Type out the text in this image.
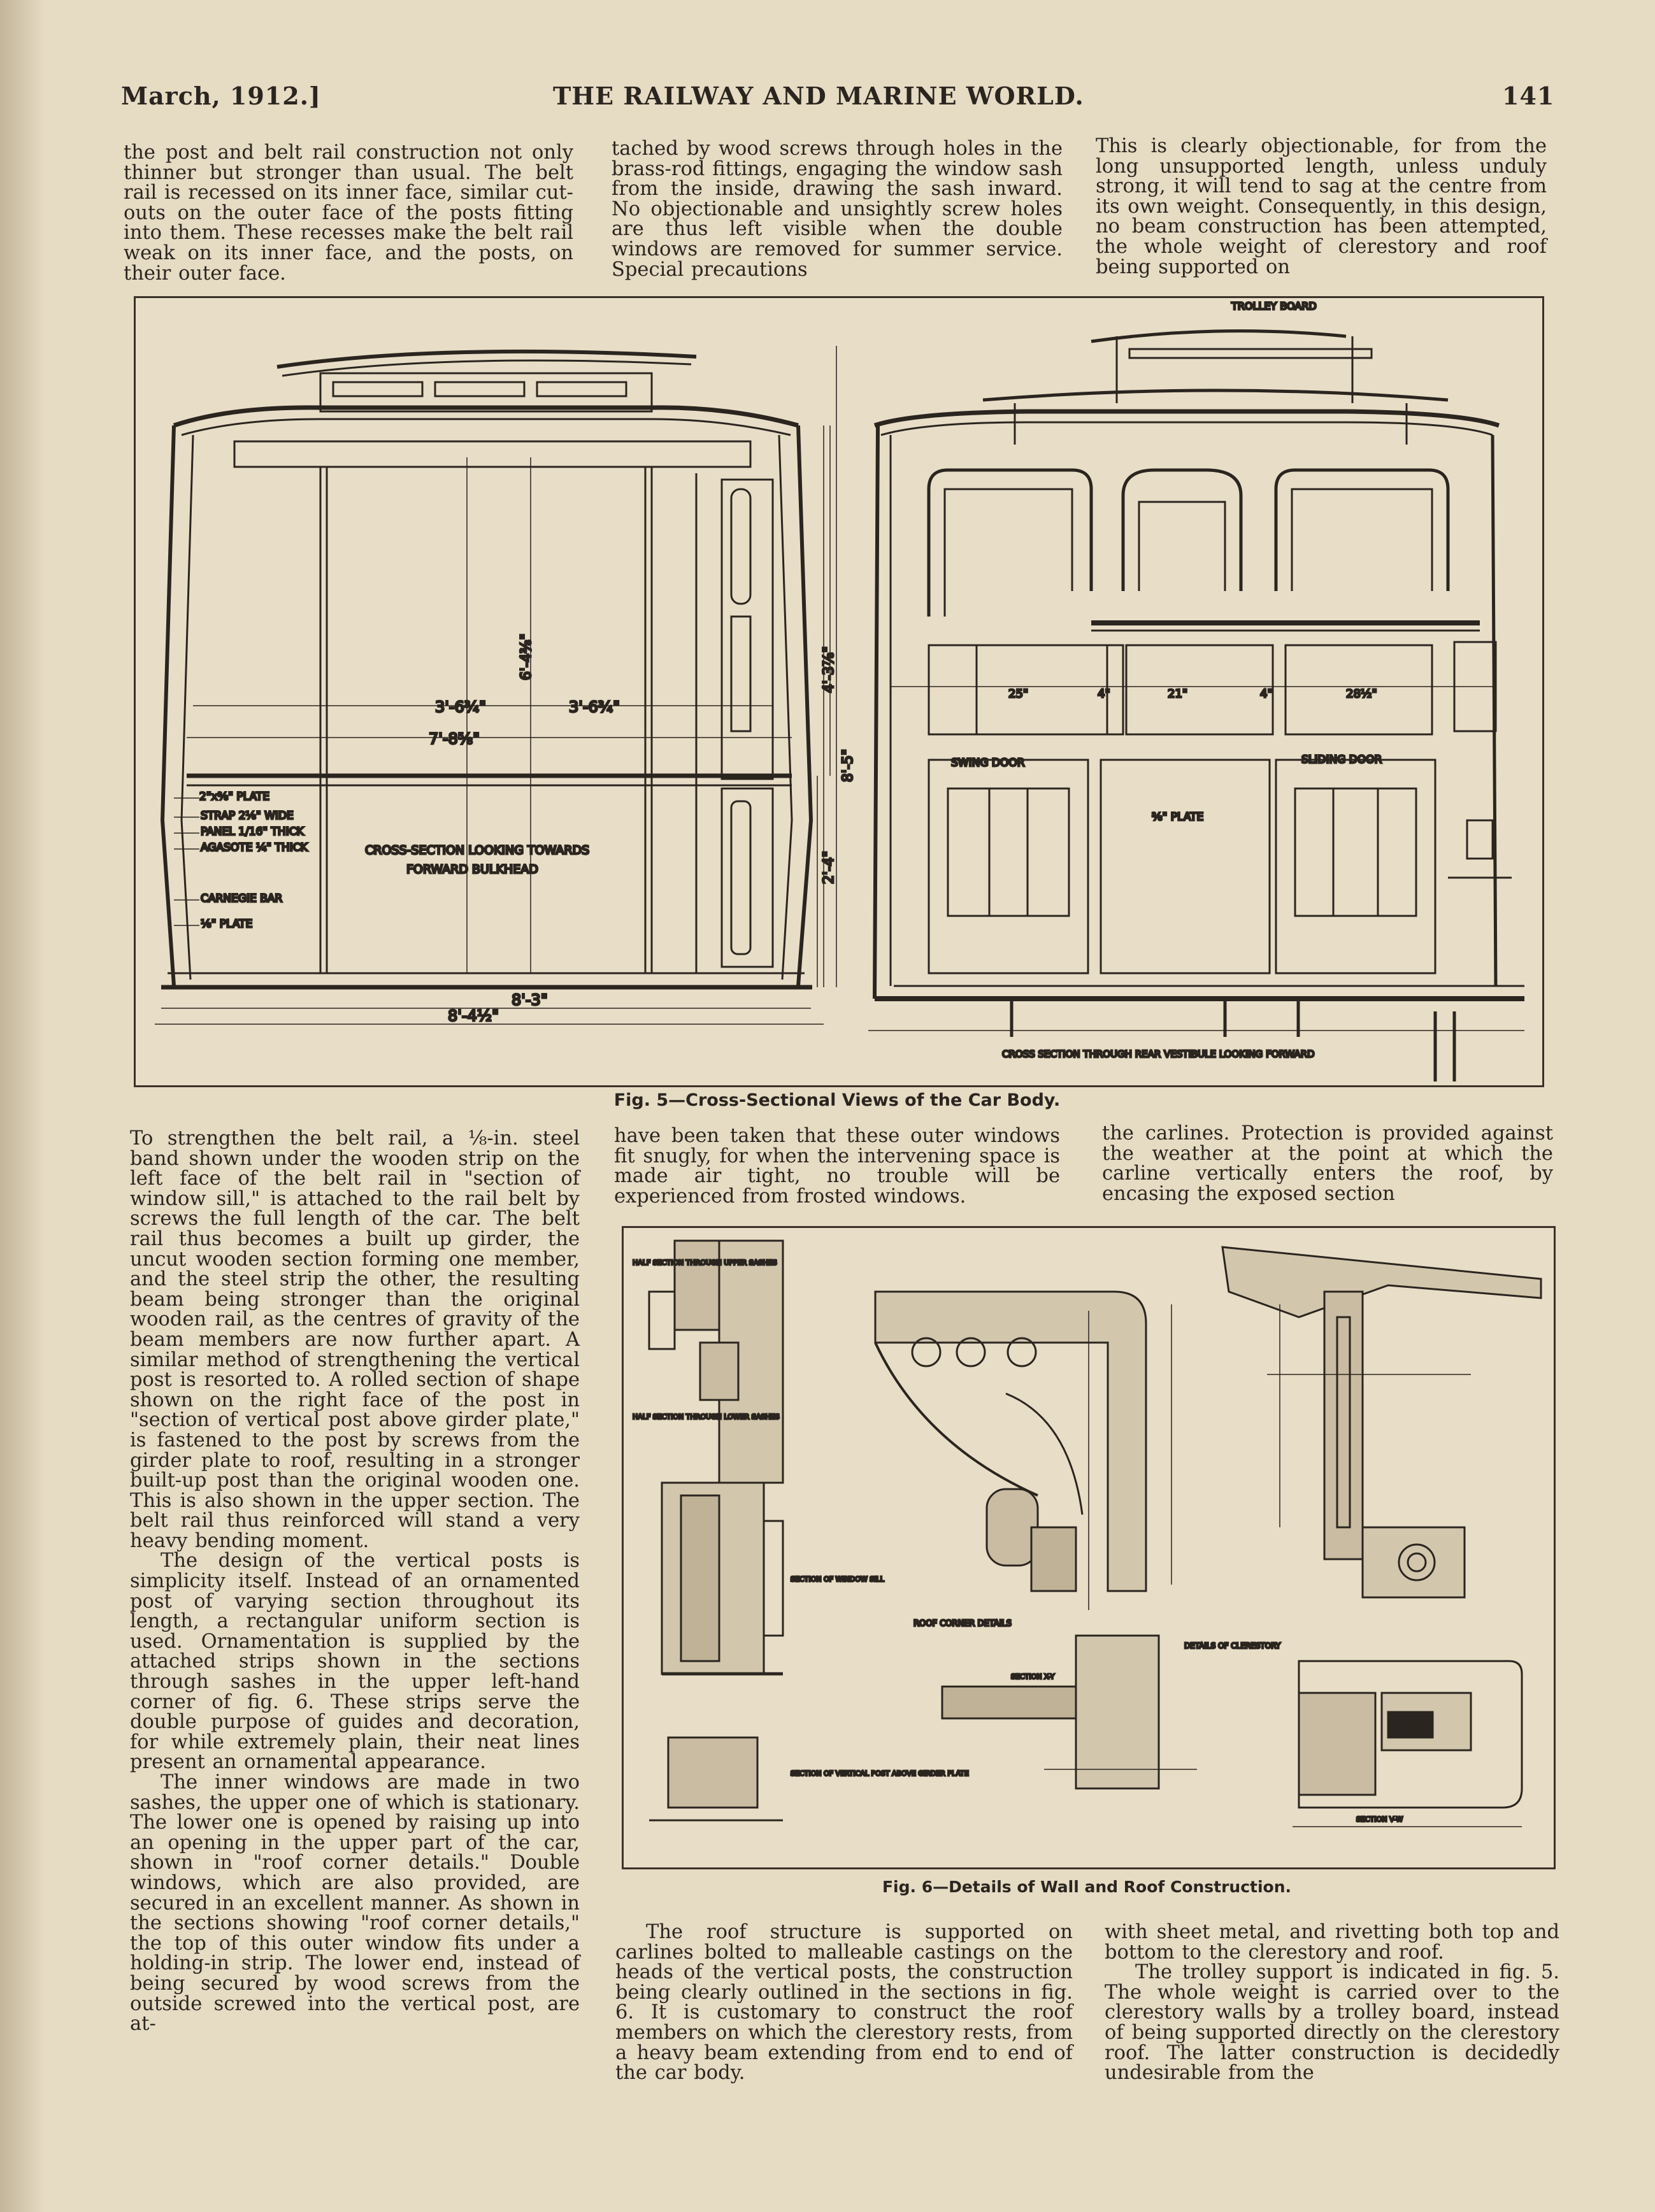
March, 1912.]	THE RAILWAY AND MARINE WORLD.	141

the post and belt rail construction not only thinner but stronger than usual. The belt rail is recessed on its inner face, similar cut-outs on the outer face of the posts fitting into them. These recesses make the belt rail weak on its inner face, and the posts, on their outer face.

tached by wood screws through holes in the brass-rod fittings, engaging the window sash from the inside, drawing the sash inward. No objectionable and unsightly screw holes are thus left visible when the double windows are removed for summer service. Special precautions

This is clearly objectionable, for from the long unsupported length, unless unduly strong, it will tend to sag at the centre from its own weight. Consequently, in this design, no beam construction has been attempted, the whole weight of clerestory and roof being supported on

3'-6¾"	3'-6¾"
7'-8⅝"
8'-3"
8'-4½"
6'-4⅜"	4'-3⅞"
8'-5"
2'-4"
CROSS-SECTION LOOKING TOWARDS
FORWARD BULKHEAD
2"x⅜" PLATE
STRAP 2⅛" WIDE
PANEL 1/16" THICK
AGASOTE ¼" THICK
CARNEGIE BAR
⅛" PLATE
TROLLEY BOARD
SWING DOOR	SLIDING DOOR
⅜" PLATE
CROSS SECTION THROUGH REAR VESTIBULE LOOKING FORWARD
25"	4"	21"	4"	28½"
Fig. 5—Cross-Sectional Views of the Car Body.

To strengthen the belt rail, a ⅛-in. steel band shown under the wooden strip on the left face of the belt rail in "section of window sill," is attached to the rail belt by screws the full length of the car. The belt rail thus becomes a built up girder, the uncut wooden section forming one member, and the steel strip the other, the resulting beam being stronger than the original wooden rail, as the centres of gravity of the beam members are now further apart. A similar method of strengthening the vertical post is resorted to. A rolled section of shape shown on the right face of the post in "section of vertical post above girder plate," is fastened to the post by screws from the girder plate to roof, resulting in a stronger built-up post than the original wooden one. This is also shown in the upper section. The belt rail thus reinforced will stand a very heavy bending moment.

The design of the vertical posts is simplicity itself. Instead of an ornamented post of varying section throughout its length, a rectangular uniform section is used. Ornamentation is supplied by the attached strips shown in the sections through sashes in the upper left-hand corner of fig. 6. These strips serve the double purpose of guides and decoration, for while extremely plain, their neat lines present an ornamental appearance.

The inner windows are made in two sashes, the upper one of which is stationary. The lower one is opened by raising up into an opening in the upper part of the car, shown in "roof corner details." Double windows, which are also provided, are secured in an excellent manner. As shown in the sections showing "roof corner details," the top of this outer window fits under a holding-in strip. The lower end, instead of being secured by wood screws from the outside screwed into the vertical post, are at-

have been taken that these outer windows fit snugly, for when the intervening space is made air tight, no trouble will be experienced from frosted windows.

the carlines. Protection is provided against the weather at the point at which the carline vertically enters the roof, by encasing the exposed section

HALF SECTION THROUGH UPPER SASHES
HALF SECTION THROUGH LOWER SASHES
SECTION OF WINDOW SILL
ROOF CORNER DETAILS
SECTION X-Y
SECTION OF VERTICAL POST ABOVE GIRDER PLATE
DETAILS OF CLERESTORY
SECTION V-W
Fig. 6—Details of Wall and Roof Construction.

The roof structure is supported on carlines bolted to malleable castings on the heads of the vertical posts, the construction being clearly outlined in the sections in fig. 6. It is customary to construct the roof members on which the clerestory rests, from a heavy beam extending from end to end of the car body.

with sheet metal, and rivetting both top and bottom to the clerestory and roof.

The trolley support is indicated in fig. 5. The whole weight is carried over to the clerestory walls by a trolley board, instead of being supported directly on the clerestory roof. The latter construction is decidedly undesirable from the
